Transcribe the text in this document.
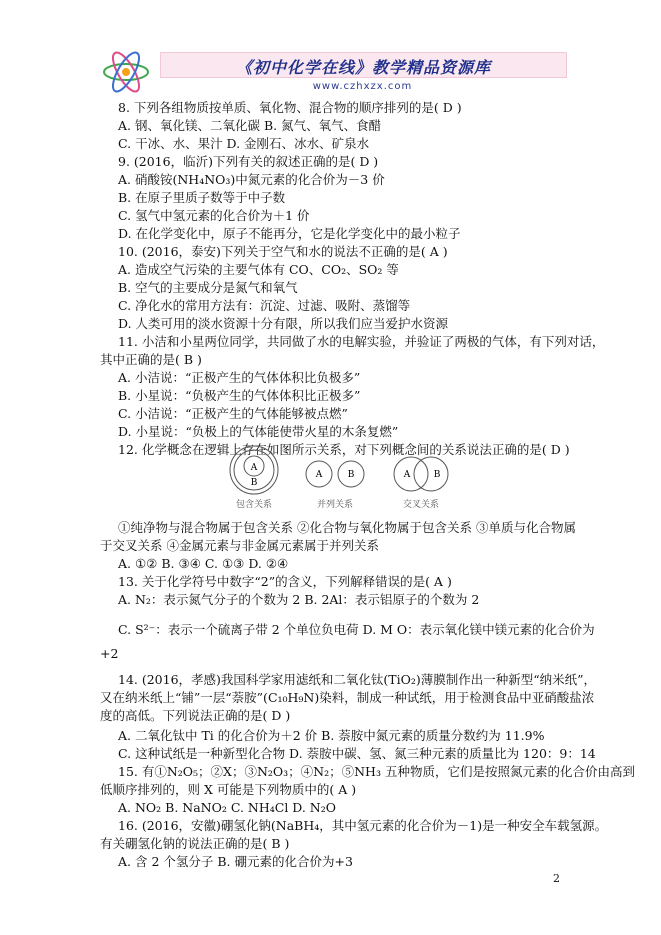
《初中化学在线》教学精品资源库
www.czhxzx.com
8. 下列各组物质按单质、氧化物、混合物的顺序排列的是( D )
A. 钢、氧化镁、二氧化碳 B. 氮气、氧气、食醋
C. 干冰、水、果汁 D. 金刚石、冰水、矿泉水
9. (2016，临沂)下列有关的叙述正确的是( D )
A. 硝酸铵(NH₄NO₃)中氮元素的化合价为－3 价
B. 在原子里质子数等于中子数
C. 氢气中氢元素的化合价为＋1 价
D. 在化学变化中，原子不能再分，它是化学变化中的最小粒子
10. (2016，泰安)下列关于空气和水的说法不正确的是( A )
A. 造成空气污染的主要气体有 CO、CO₂、SO₂ 等
B. 空气的主要成分是氮气和氧气
C. 净化水的常用方法有：沉淀、过滤、吸附、蒸馏等
D. 人类可用的淡水资源十分有限，所以我们应当爱护水资源
11. 小洁和小星两位同学，共同做了水的电解实验，并验证了两极的气体，有下列对话，
其中正确的是( B )
A. 小洁说：“正极产生的气体体积比负极多”
B. 小星说：“负极产生的气体体积比正极多”
C. 小洁说：“正极产生的气体能够被点燃”
D. 小星说：“负极上的气体能使带火星的木条复燃”
12. 化学概念在逻辑上存在如图所示关系，对下列概念间的关系说法正确的是( D )
①纯净物与混合物属于包含关系 ②化合物与氧化物属于包含关系 ③单质与化合物属
于交叉关系 ④金属元素与非金属元素属于并列关系
A. ①② B. ③④ C. ①③ D. ②④
13. 关于化学符号中数字“2”的含义，下列解释错误的是( A )
A. N₂：表示氮气分子的个数为 2 B. 2Al：表示铝原子的个数为 2
C. S²⁻：表示一个硫离子带 2 个单位负电荷 D. M O：表示氧化镁中镁元素的化合价为
+2
14. (2016，孝感)我国科学家用滤纸和二氧化钛(TiO₂)薄膜制作出一种新型“纳米纸”，
又在纳米纸上“铺”一层“萘胺”(C₁₀H₉N)染料，制成一种试纸，用于检测食品中亚硝酸盐浓
度的高低。下列说法正确的是( D )
A. 二氧化钛中 Ti 的化合价为＋2 价 B. 萘胺中氮元素的质量分数约为 11.9%
C. 这种试纸是一种新型化合物 D. 萘胺中碳、氢、氮三种元素的质量比为 120：9：14
15. 有①N₂O₅；②X；③N₂O₃；④N₂；⑤NH₃ 五种物质，它们是按照氮元素的化合价由高到
低顺序排列的，则 X 可能是下列物质中的( A )
A. NO₂ B. NaNO₂ C. NH₄Cl D. N₂O
16. (2016，安徽)硼氢化钠(NaBH₄，其中氢元素的化合价为－1)是一种安全车载氢源。
有关硼氢化钠的说法正确的是( B )
A. 含 2 个氢分子 B. 硼元素的化合价为+3
A
B
包含关系
A	B
并列关系
A	B
交叉关系
2
